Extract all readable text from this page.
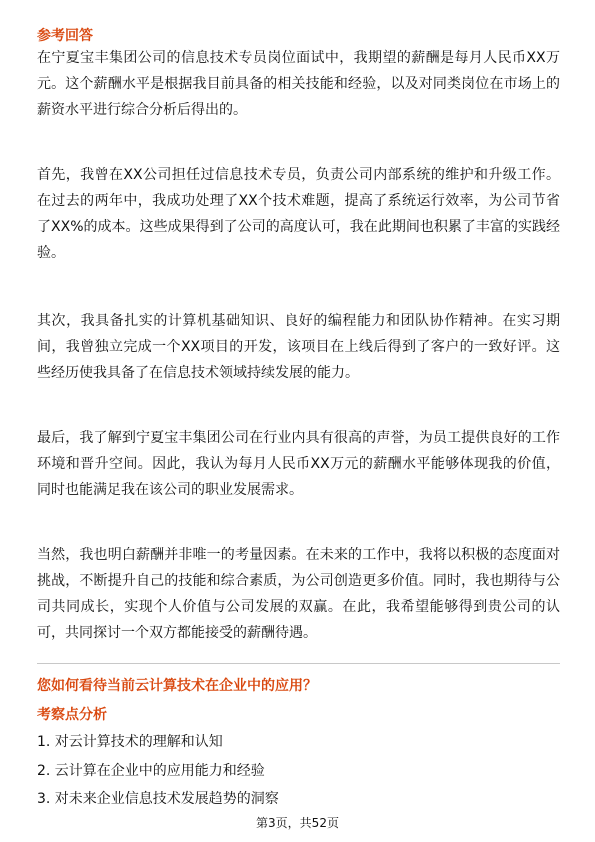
参考回答

在宁夏宝丰集团公司的信息技术专员岗位面试中，我期望的薪酬是每月人民币XX万元。这个薪酬水平是根据我目前具备的相关技能和经验，以及对同类岗位在市场上的薪资水平进行综合分析后得出的。

首先，我曾在XX公司担任过信息技术专员，负责公司内部系统的维护和升级工作。在过去的两年中，我成功处理了XX个技术难题，提高了系统运行效率，为公司节省了XX%的成本。这些成果得到了公司的高度认可，我在此期间也积累了丰富的实践经验。

其次，我具备扎实的计算机基础知识、良好的编程能力和团队协作精神。在实习期间，我曾独立完成一个XX项目的开发，该项目在上线后得到了客户的一致好评。这些经历使我具备了在信息技术领域持续发展的能力。

最后，我了解到宁夏宝丰集团公司在行业内具有很高的声誉，为员工提供良好的工作环境和晋升空间。因此，我认为每月人民币XX万元的薪酬水平能够体现我的价值，同时也能满足我在该公司的职业发展需求。

当然，我也明白薪酬并非唯一的考量因素。在未来的工作中，我将以积极的态度面对挑战，不断提升自己的技能和综合素质，为公司创造更多价值。同时，我也期待与公司共同成长，实现个人价值与公司发展的双赢。在此，我希望能够得到贵公司的认可，共同探讨一个双方都能接受的薪酬待遇。

您如何看待当前云计算技术在企业中的应用？
考察点分析
1. 对云计算技术的理解和认知
2. 云计算在企业中的应用能力和经验
3. 对未来企业信息技术发展趋势的洞察
第3页，共52页
